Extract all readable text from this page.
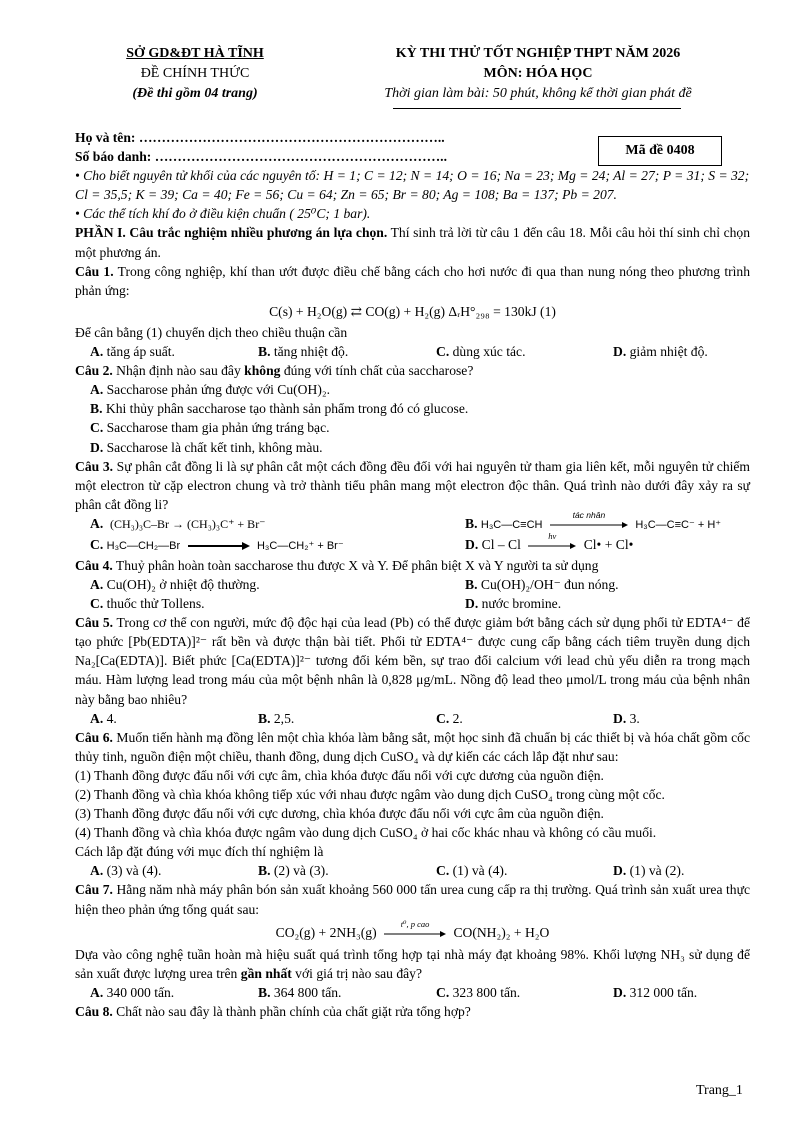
SỞ GD&ĐT HÀ TĨNH
ĐỀ CHÍNH THỨC
(Đề thi gồm 04 trang)
KỲ THI THỬ TỐT NGHIỆP THPT NĂM 2026
MÔN: HÓA HỌC
Thời gian làm bài: 50 phút, không kể thời gian phát đề
Mã đề 0408

Họ và tên: …………………………………………………………..

Số báo danh: ………………………………………………………..

• Cho biết nguyên tử khối của các nguyên tố: H = 1; C = 12; N = 14; O = 16; Na = 23; Mg = 24; Al = 27; P = 31; S = 32; Cl = 35,5; K = 39; Ca = 40; Fe = 56; Cu = 64; Zn = 65; Br = 80; Ag = 108; Ba = 137; Pb = 207.

• Các thể tích khí đo ở điều kiện chuẩn ( 25⁰C; 1 bar).

PHẦN I. Câu trắc nghiệm nhiều phương án lựa chọn. Thí sinh trả lời từ câu 1 đến câu 18. Mỗi câu hỏi thí sinh chỉ chọn một phương án.

Câu 1. Trong công nghiệp, khí than ướt được điều chế bằng cách cho hơi nước đi qua than nung nóng theo phương trình phản ứng:

C(s) + H₂O(g) ⇄ CO(g) + H₂(g) ΔᵣH°₂₉₈ = 130kJ (1)

Để cân bằng (1) chuyển dịch theo chiều thuận cần

A. tăng áp suất.	B. tăng nhiệt độ.	C. dùng xúc tác.	D. giảm nhiệt độ.

Câu 2. Nhận định nào sau đây không đúng với tính chất của saccharose?

A. Saccharose phản ứng được với Cu(OH)₂.

B. Khi thủy phân saccharose tạo thành sản phẩm trong đó có glucose.

C. Saccharose tham gia phản ứng tráng bạc.

D. Saccharose là chất kết tinh, không màu.

Câu 3. Sự phân cắt đồng li là sự phân cắt một cách đồng đều đối với hai nguyên tử tham gia liên kết, mỗi nguyên tử chiếm một electron từ cặp electron chung và trở thành tiểu phân mang một electron độc thân. Quá trình nào dưới đây xảy ra sự phân cắt đồng li?

A. (CH₃)₃C–Br → (CH₃)₃C⁺ + Br⁻	B. H₃C—C≡CH
tác nhân
H₃C—C≡C⁻ + H⁺
C. H₃C—CH₂—Br	H₃C—CH₂⁺ + Br⁻	D. Cl – Cl
hv
Cl• + Cl•

Câu 4. Thuỷ phân hoàn toàn saccharose thu được X và Y. Để phân biệt X và Y người ta sử dụng

A. Cu(OH)₂ ở nhiệt độ thường.	B. Cu(OH)₂/OH⁻ đun nóng.
C. thuốc thử Tollens.	D. nước bromine.

Câu 5. Trong cơ thể con người, mức độ độc hại của lead (Pb) có thể được giảm bớt bằng cách sử dụng phối tử EDTA⁴⁻ để tạo phức [Pb(EDTA)]²⁻ rất bền và được thận bài tiết. Phối tử EDTA⁴⁻ được cung cấp bằng cách tiêm truyền dung dịch Na₂[Ca(EDTA)]. Biết phức [Ca(EDTA)]²⁻ tương đối kém bền, sự trao đổi calcium với lead chủ yếu diễn ra trong mạch máu. Hàm lượng lead trong máu của một bệnh nhân là 0,828 μg/mL. Nồng độ lead theo μmol/L trong máu của bệnh nhân này bằng bao nhiêu?

A. 4.	B. 2,5.	C. 2.	D. 3.

Câu 6. Muốn tiến hành mạ đồng lên một chìa khóa làm bằng sắt, một học sinh đã chuẩn bị các thiết bị và hóa chất gồm cốc thủy tinh, nguồn điện một chiều, thanh đồng, dung dịch CuSO₄ và dự kiến các cách lắp đặt như sau:

(1) Thanh đồng được đấu nối với cực âm, chìa khóa được đấu nối với cực dương của nguồn điện.

(2) Thanh đồng và chìa khóa không tiếp xúc với nhau được ngâm vào dung dịch CuSO₄ trong cùng một cốc.

(3) Thanh đồng được đấu nối với cực dương, chìa khóa được đấu nối với cực âm của nguồn điện.

(4) Thanh đồng và chìa khóa được ngâm vào dung dịch CuSO₄ ở hai cốc khác nhau và không có cầu muối.

Cách lắp đặt đúng với mục đích thí nghiệm là

A. (3) và (4).	B. (2) và (3).	C. (1) và (4).	D. (1) và (2).

Câu 7. Hằng năm nhà máy phân bón sản xuất khoảng 560 000 tấn urea cung cấp ra thị trường. Quá trình sản xuất urea thực hiện theo phản ứng tổng quát sau:

CO₂(g) + 2NH₃(g)
t⁰, p cao
CO(NH₂)₂ + H₂O

Dựa vào công nghệ tuần hoàn mà hiệu suất quá trình tổng hợp tại nhà máy đạt khoảng 98%. Khối lượng NH₃ sử dụng để sản xuất được lượng urea trên gần nhất với giá trị nào sau đây?

A. 340 000 tấn.	B. 364 800 tấn.	C. 323 800 tấn.	D. 312 000 tấn.

Câu 8. Chất nào sau đây là thành phần chính của chất giặt rửa tổng hợp?

Trang_1
